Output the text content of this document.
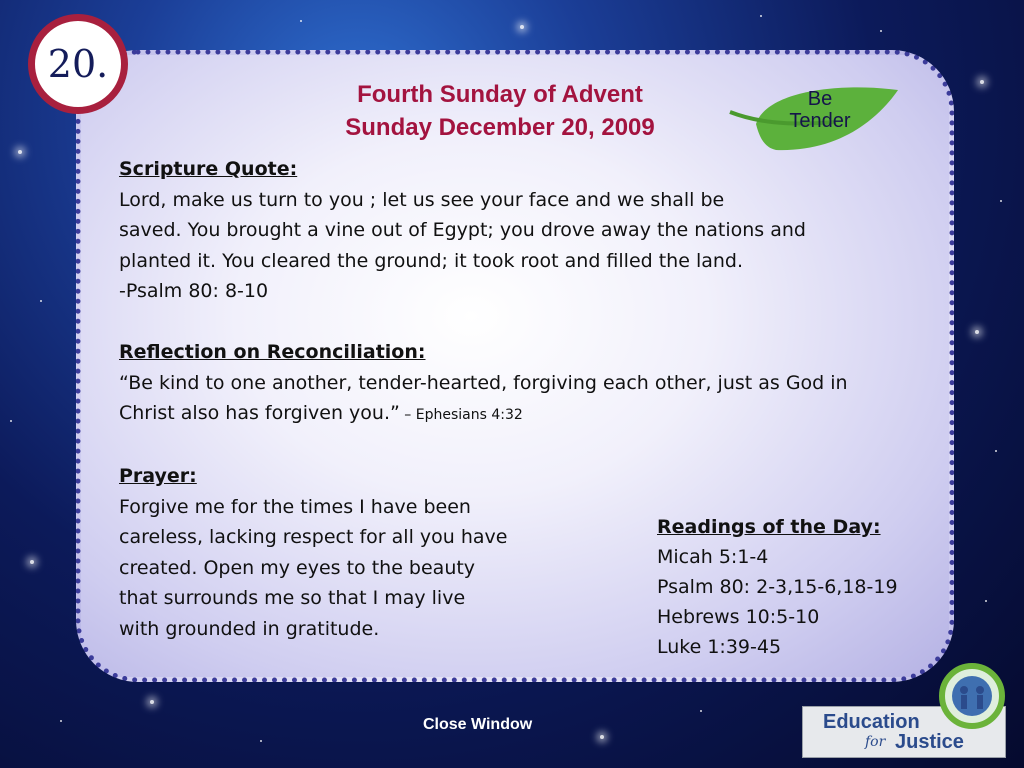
20.
Fourth Sunday of Advent
Sunday December 20, 2009
Be
Tender

Scripture Quote:

Lord, make us turn to you ; let us see your face and we shall be

saved. You brought a vine out of Egypt; you drove away the nations and

planted it. You cleared the ground; it took root and filled the land.

-Psalm 80: 8-10

Reflection on Reconciliation:

“Be kind to one another, tender-hearted, forgiving each other, just as God in

Christ also has forgiven you.” – Ephesians 4:32

Prayer:

Forgive me for the times I have been

careless, lacking respect for all you have

created. Open my eyes to the beauty

that surrounds me so that I may live

with grounded in gratitude.

Readings of the Day:
Micah 5:1-4
Psalm 80: 2-3,15-6,18-19
Hebrews 10:5-10
Luke 1:39-45
Close Window	Education
for Justice
